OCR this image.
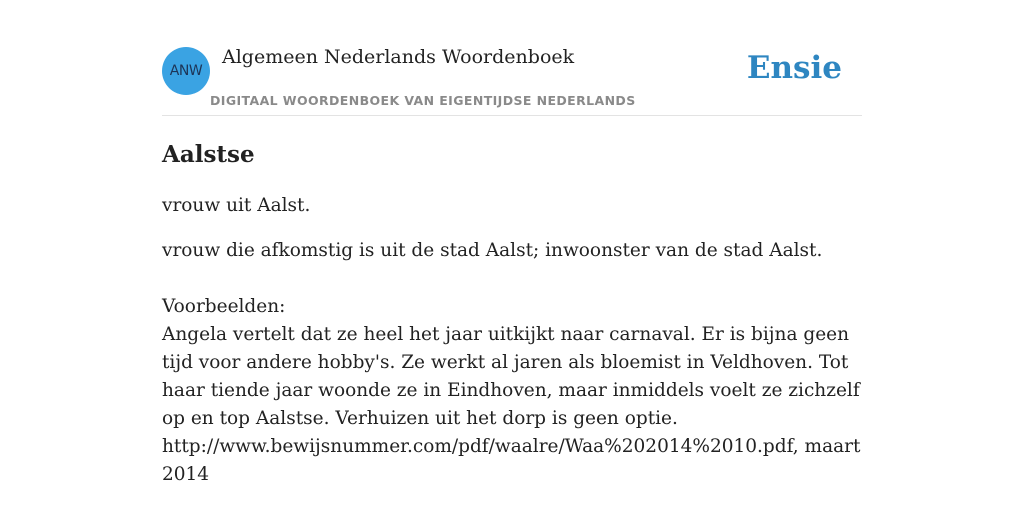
ANW
Algemeen Nederlands Woordenboek
DIGITAAL WOORDENBOEK VAN EIGENTIJDSE NEDERLANDS
Ensie
Aalstse
vrouw uit Aalst.
vrouw die afkomstig is uit de stad Aalst; inwoonster van de stad Aalst.
Voorbeelden:
Angela vertelt dat ze heel het jaar uitkijkt naar carnaval. Er is bijna geen tijd voor andere hobby's. Ze werkt al jaren als bloemist in Veldhoven. Tot haar tiende jaar woonde ze in Eindhoven, maar inmiddels voelt ze zichzelf op en top Aalstse. Verhuizen uit het dorp is geen optie.
http://www.bewijsnummer.com/pdf/waalre/Waa%202014%2010.pdf, maart 2014
